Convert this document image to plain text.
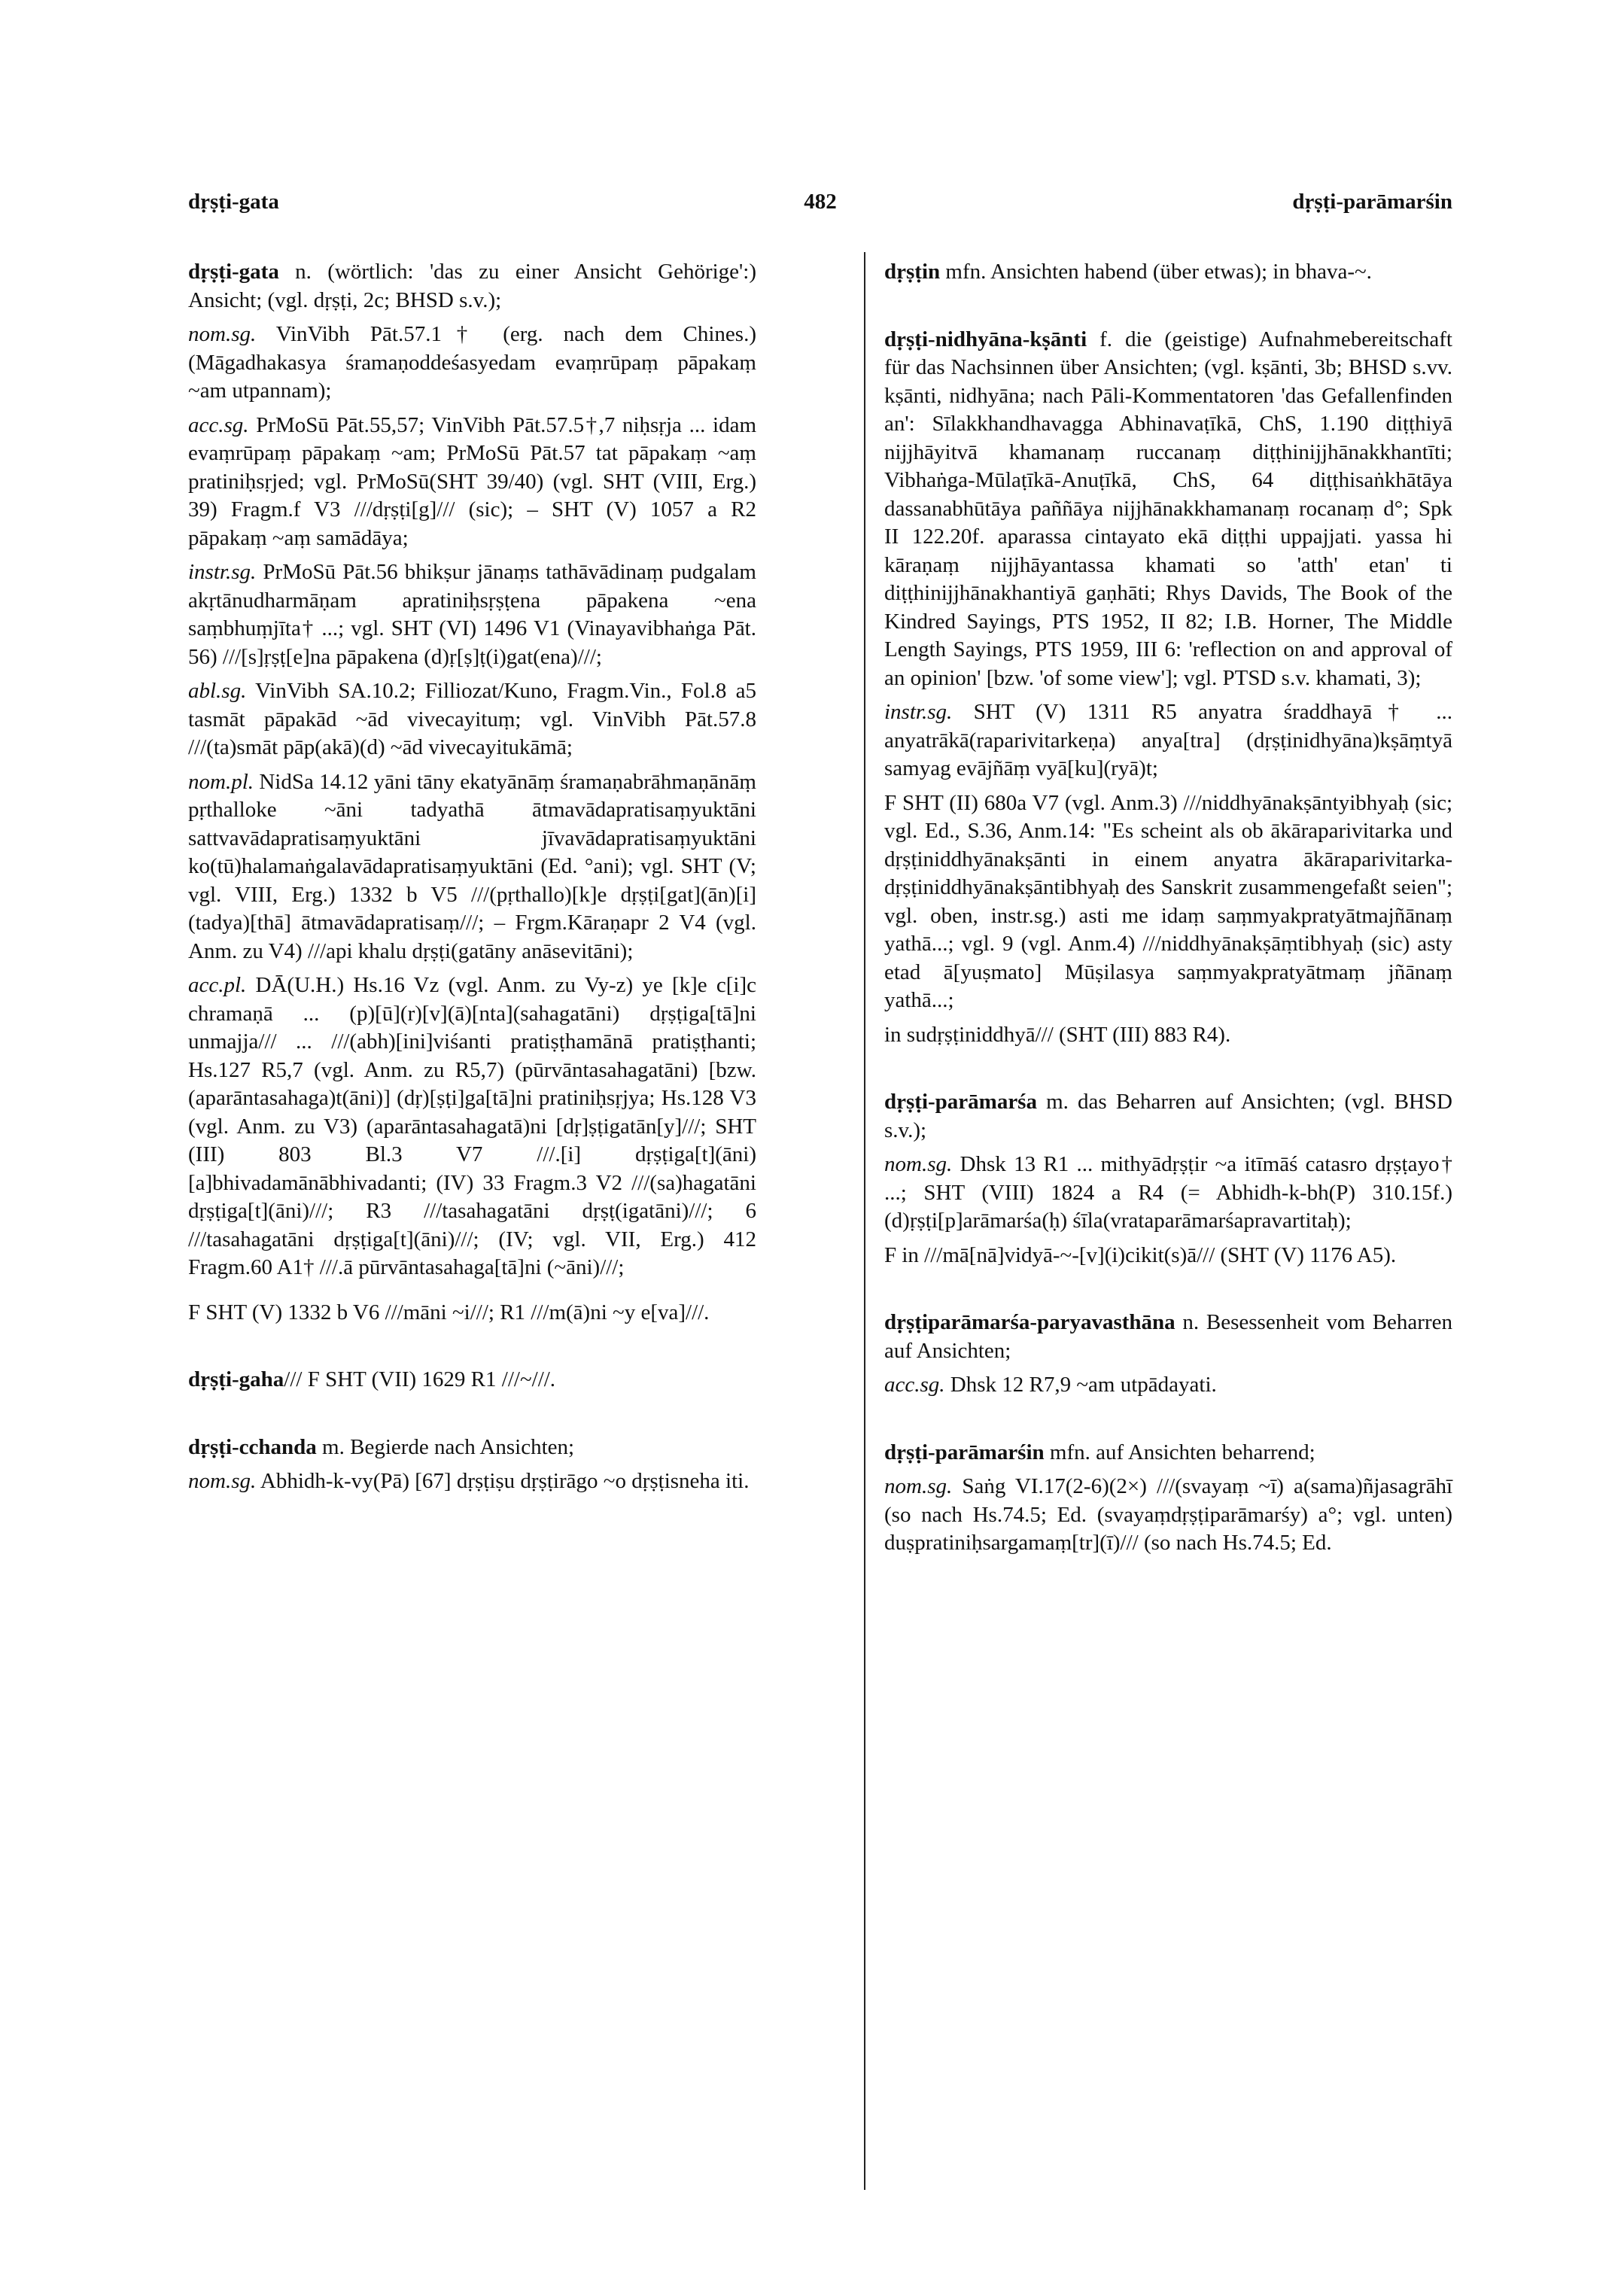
dṛṣṭi-gata	482	dṛṣṭi-parāmarśin

dṛṣṭi-gata n. (wörtlich: 'das zu einer Ansicht Gehörige':) Ansicht; (vgl. dṛṣṭi, 2c; BHSD s.v.);

nom.sg. VinVibh Pāt.57.1† (erg. nach dem Chines.) (Māgadhakasya śramaṇoddeśasyedam evaṃrūpaṃ pāpakaṃ ~am utpannam);

acc.sg. PrMoSū Pāt.55,57; VinVibh Pāt.57.5†,7 niḥsṛja ... idam evaṃrūpaṃ pāpakaṃ ~am; PrMoSū Pāt.57 tat pāpakaṃ ~aṃ pratiniḥsṛjed; vgl. PrMoSū(SHT 39/40) (vgl. SHT (VIII, Erg.) 39) Fragm.f V3 ///dṛṣṭi[g]/// (sic); – SHT (V) 1057 a R2 pāpakaṃ ~aṃ samādāya;

instr.sg. PrMoSū Pāt.56 bhikṣur jānaṃs tathāvādinaṃ pudgalam akṛtānudharmāṇam apratiniḥsṛṣṭena pāpakena ~ena saṃbhuṃjīta† ...; vgl. SHT (VI) 1496 V1 (Vinayavibhaṅga Pāt. 56) ///[s]ṛṣṭ[e]na pāpakena (d)ṛ[ṣ]ṭ(i)gat(ena)///;

abl.sg. VinVibh SA.10.2; Filliozat/Kuno, Fragm.Vin., Fol.8 a5 tasmāt pāpakād ~ād vivecayituṃ; vgl. VinVibh Pāt.57.8 ///(ta)smāt pāp(akā)(d) ~ād vivecayitukāmā;

nom.pl. NidSa 14.12 yāni tāny ekatyānāṃ śramaṇabrāhmaṇānāṃ pṛthalloke ~āni tadyathā ātmavādapratisaṃyuktāni sattvavādapratisaṃyuktāni jīvavādapratisaṃyuktāni ko(tū)halamaṅgalavādapratisaṃyuktāni (Ed. °ani); vgl. SHT (V; vgl. VIII, Erg.) 1332 b V5 ///(pṛthallo)[k]e dṛṣṭi[gat](ān)[i] (tadya)[thā] ātmavādapratisaṃ///; – Frgm.Kāraṇapr 2 V4 (vgl. Anm. zu V4) ///api khalu dṛṣṭi(gatāny anāsevitāni);

acc.pl. DĀ(U.H.) Hs.16 Vz (vgl. Anm. zu Vy-z) ye [k]e c[i]c chramaṇā ... (p)[ū](r)[v](ā)[nta](sahagatāni) dṛṣṭiga[tā]ni unmajja/// ... ///(abh)[ini]viśanti pratiṣṭhamānā pratiṣṭhanti; Hs.127 R5,7 (vgl. Anm. zu R5,7) (pūrvāntasahagatāni) [bzw. (aparāntasahaga)t(āni)] (dṛ)[ṣṭi]ga[tā]ni pratiniḥsṛjya; Hs.128 V3 (vgl. Anm. zu V3) (aparāntasahagatā)ni [dṛ]ṣṭigatān[y]///; SHT (III) 803 Bl.3 V7 ///.[i] dṛṣṭiga[t](āni) [a]bhivadamānābhivadanti; (IV) 33 Fragm.3 V2 ///(sa)hagatāni dṛṣṭiga[t](āni)///; R3 ///tasahagatāni dṛṣṭ(igatāni)///; 6 ///tasahagatāni dṛṣṭiga[t](āni)///; (IV; vgl. VII, Erg.) 412 Fragm.60 A1† ///.ā pūrvāntasahaga[tā]ni (~āni)///;

F SHT (V) 1332 b V6 ///māni ~i///; R1 ///m(ā)ni ~y e[va]///.

dṛṣṭi-gaha/// F SHT (VII) 1629 R1 ///~///.

dṛṣṭi-cchanda m. Begierde nach Ansichten;

nom.sg. Abhidh-k-vy(Pā) [67] dṛṣṭiṣu dṛṣṭirāgo ~o dṛṣṭisneha iti.

dṛṣṭin mfn. Ansichten habend (über etwas); in bhava-~.

dṛṣṭi-nidhyāna-kṣānti f. die (geistige) Aufnahmebereitschaft für das Nachsinnen über Ansichten; (vgl. kṣānti, 3b; BHSD s.vv. kṣānti, nidhyāna; nach Pāli-Kommentatoren 'das Gefallenfinden an': Sīlakkhandhavagga Abhinavaṭīkā, ChS, 1.190 diṭṭhiyā nijjhāyitvā khamanaṃ ruccanaṃ diṭṭhinijjhānakkhantīti; Vibhaṅga-Mūlaṭīkā-Anuṭīkā, ChS, 64 diṭṭhisaṅkhātāya dassanabhūtāya paññāya nijjhānakkhamanaṃ rocanaṃ d°; Spk II 122.20f. aparassa cintayato ekā diṭṭhi uppajjati. yassa hi kāraṇaṃ nijjhāyantassa khamati so 'atth' etan' ti diṭṭhinijjhānakhantiyā gaṇhāti; Rhys Davids, The Book of the Kindred Sayings, PTS 1952, II 82; I.B. Horner, The Middle Length Sayings, PTS 1959, III 6: 'reflection on and approval of an opinion' [bzw. 'of some view']; vgl. PTSD s.v. khamati, 3);

instr.sg. SHT (V) 1311 R5 anyatra śraddhayā† ... anyatrākā(raparivitarkeṇa) anya[tra] (dṛṣṭinidhyāna)kṣāṃtyā samyag evājñāṃ vyā[ku](ryā)t;

F SHT (II) 680a V7 (vgl. Anm.3) ///niddhyānakṣāntyibhyaḥ (sic; vgl. Ed., S.36, Anm.14: "Es scheint als ob ākāraparivitarka und dṛṣṭiniddhyānakṣānti in einem anyatra ākāraparivitarka-dṛṣṭiniddhyānakṣāntibhyaḥ des Sanskrit zusammengefaßt seien"; vgl. oben, instr.sg.) asti me idaṃ saṃmyakpratyātmajñānaṃ yathā...; vgl. 9 (vgl. Anm.4) ///niddhyānakṣāṃtibhyaḥ (sic) asty etad ā[yuṣmato] Mūṣilasya saṃmyakpratyātmaṃ jñānaṃ yathā...;

in sudṛṣṭiniddhyā/// (SHT (III) 883 R4).

dṛṣṭi-parāmarśa m. das Beharren auf Ansichten; (vgl. BHSD s.v.);

nom.sg. Dhsk 13 R1 ... mithyādṛṣṭir ~a itīmāś catasro dṛṣṭayo† ...; SHT (VIII) 1824 a R4 (= Abhidh-k-bh(P) 310.15f.) (d)ṛṣṭi[p]arāmarśa(ḥ) śīla(vrataparāmarśapravartitaḥ);

F in ///mā[nā]vidyā-~-[v](i)cikit(s)ā/// (SHT (V) 1176 A5).

dṛṣṭiparāmarśa-paryavasthāna n. Besessenheit vom Beharren auf Ansichten;

acc.sg. Dhsk 12 R7,9 ~am utpādayati.

dṛṣṭi-parāmarśin mfn. auf Ansichten beharrend;

nom.sg. Saṅg VI.17(2-6)(2×) ///(svayaṃ ~ī) a(sama)ñjasagrāhī (so nach Hs.74.5; Ed. (svayaṃdṛṣṭiparāmarśy) a°; vgl. unten) duṣpratiniḥsargamaṃ[tr](ī)/// (so nach Hs.74.5; Ed.
